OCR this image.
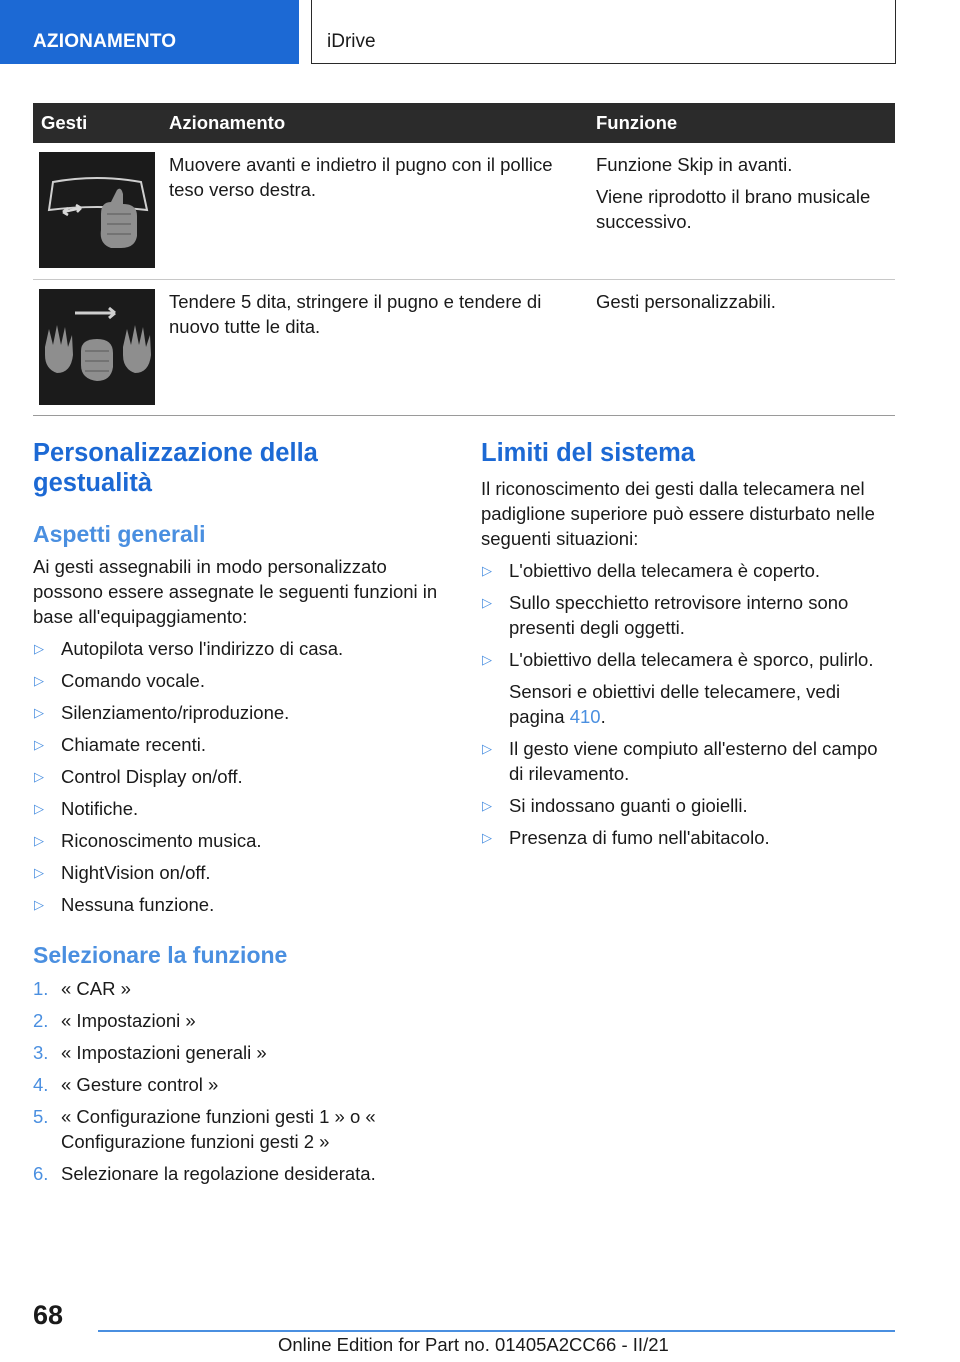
AZIONAMENTO	iDrive
Gesti	Azionamento	Funzione

	Muovere avanti e indietro il pugno con il pollice teso verso destra.	Funzione Skip in avanti.

Viene riprodotto il brano musicale successivo.

	Tendere 5 dita, stringere il pugno e tendere di nuovo tutte le dita.	Gesti personalizzabili.

Personalizzazione della gestualità
Aspetti generali

Ai gesti assegnabili in modo personalizzato possono essere assegnate le seguenti funzioni in base all'equipaggiamento:

▷ Autopilota verso l'indirizzo di casa.
▷ Comando vocale.
▷ Silenziamento/riproduzione.
▷ Chiamate recenti.
▷ Control Display on/off.
▷ Notifiche.
▷ Riconoscimento musica.
▷ NightVision on/off.
▷ Nessuna funzione.
Selezionare la funzione
1. « CAR »
2. « Impostazioni »
3. « Impostazioni generali »
4. « Gesture control »
5. « Configurazione funzioni gesti 1 » o « Configurazione funzioni gesti 2 »
6. Selezionare la regolazione desiderata.
Limiti del sistema

Il riconoscimento dei gesti dalla telecamera nel padiglione superiore può essere disturbato nelle seguenti situazioni:

▷ L'obiettivo della telecamera è coperto.
▷ Sullo specchietto retrovisore interno sono presenti degli oggetti.
▷ L'obiettivo della telecamera è sporco, pulirlo.
Sensori e obiettivi delle telecamere, vedi pagina 410.
▷ Il gesto viene compiuto all'esterno del campo di rilevamento.
▷ Si indossano guanti o gioielli.
▷ Presenza di fumo nell'abitacolo.
68
Online Edition for Part no. 01405A2CC66 - II/21
